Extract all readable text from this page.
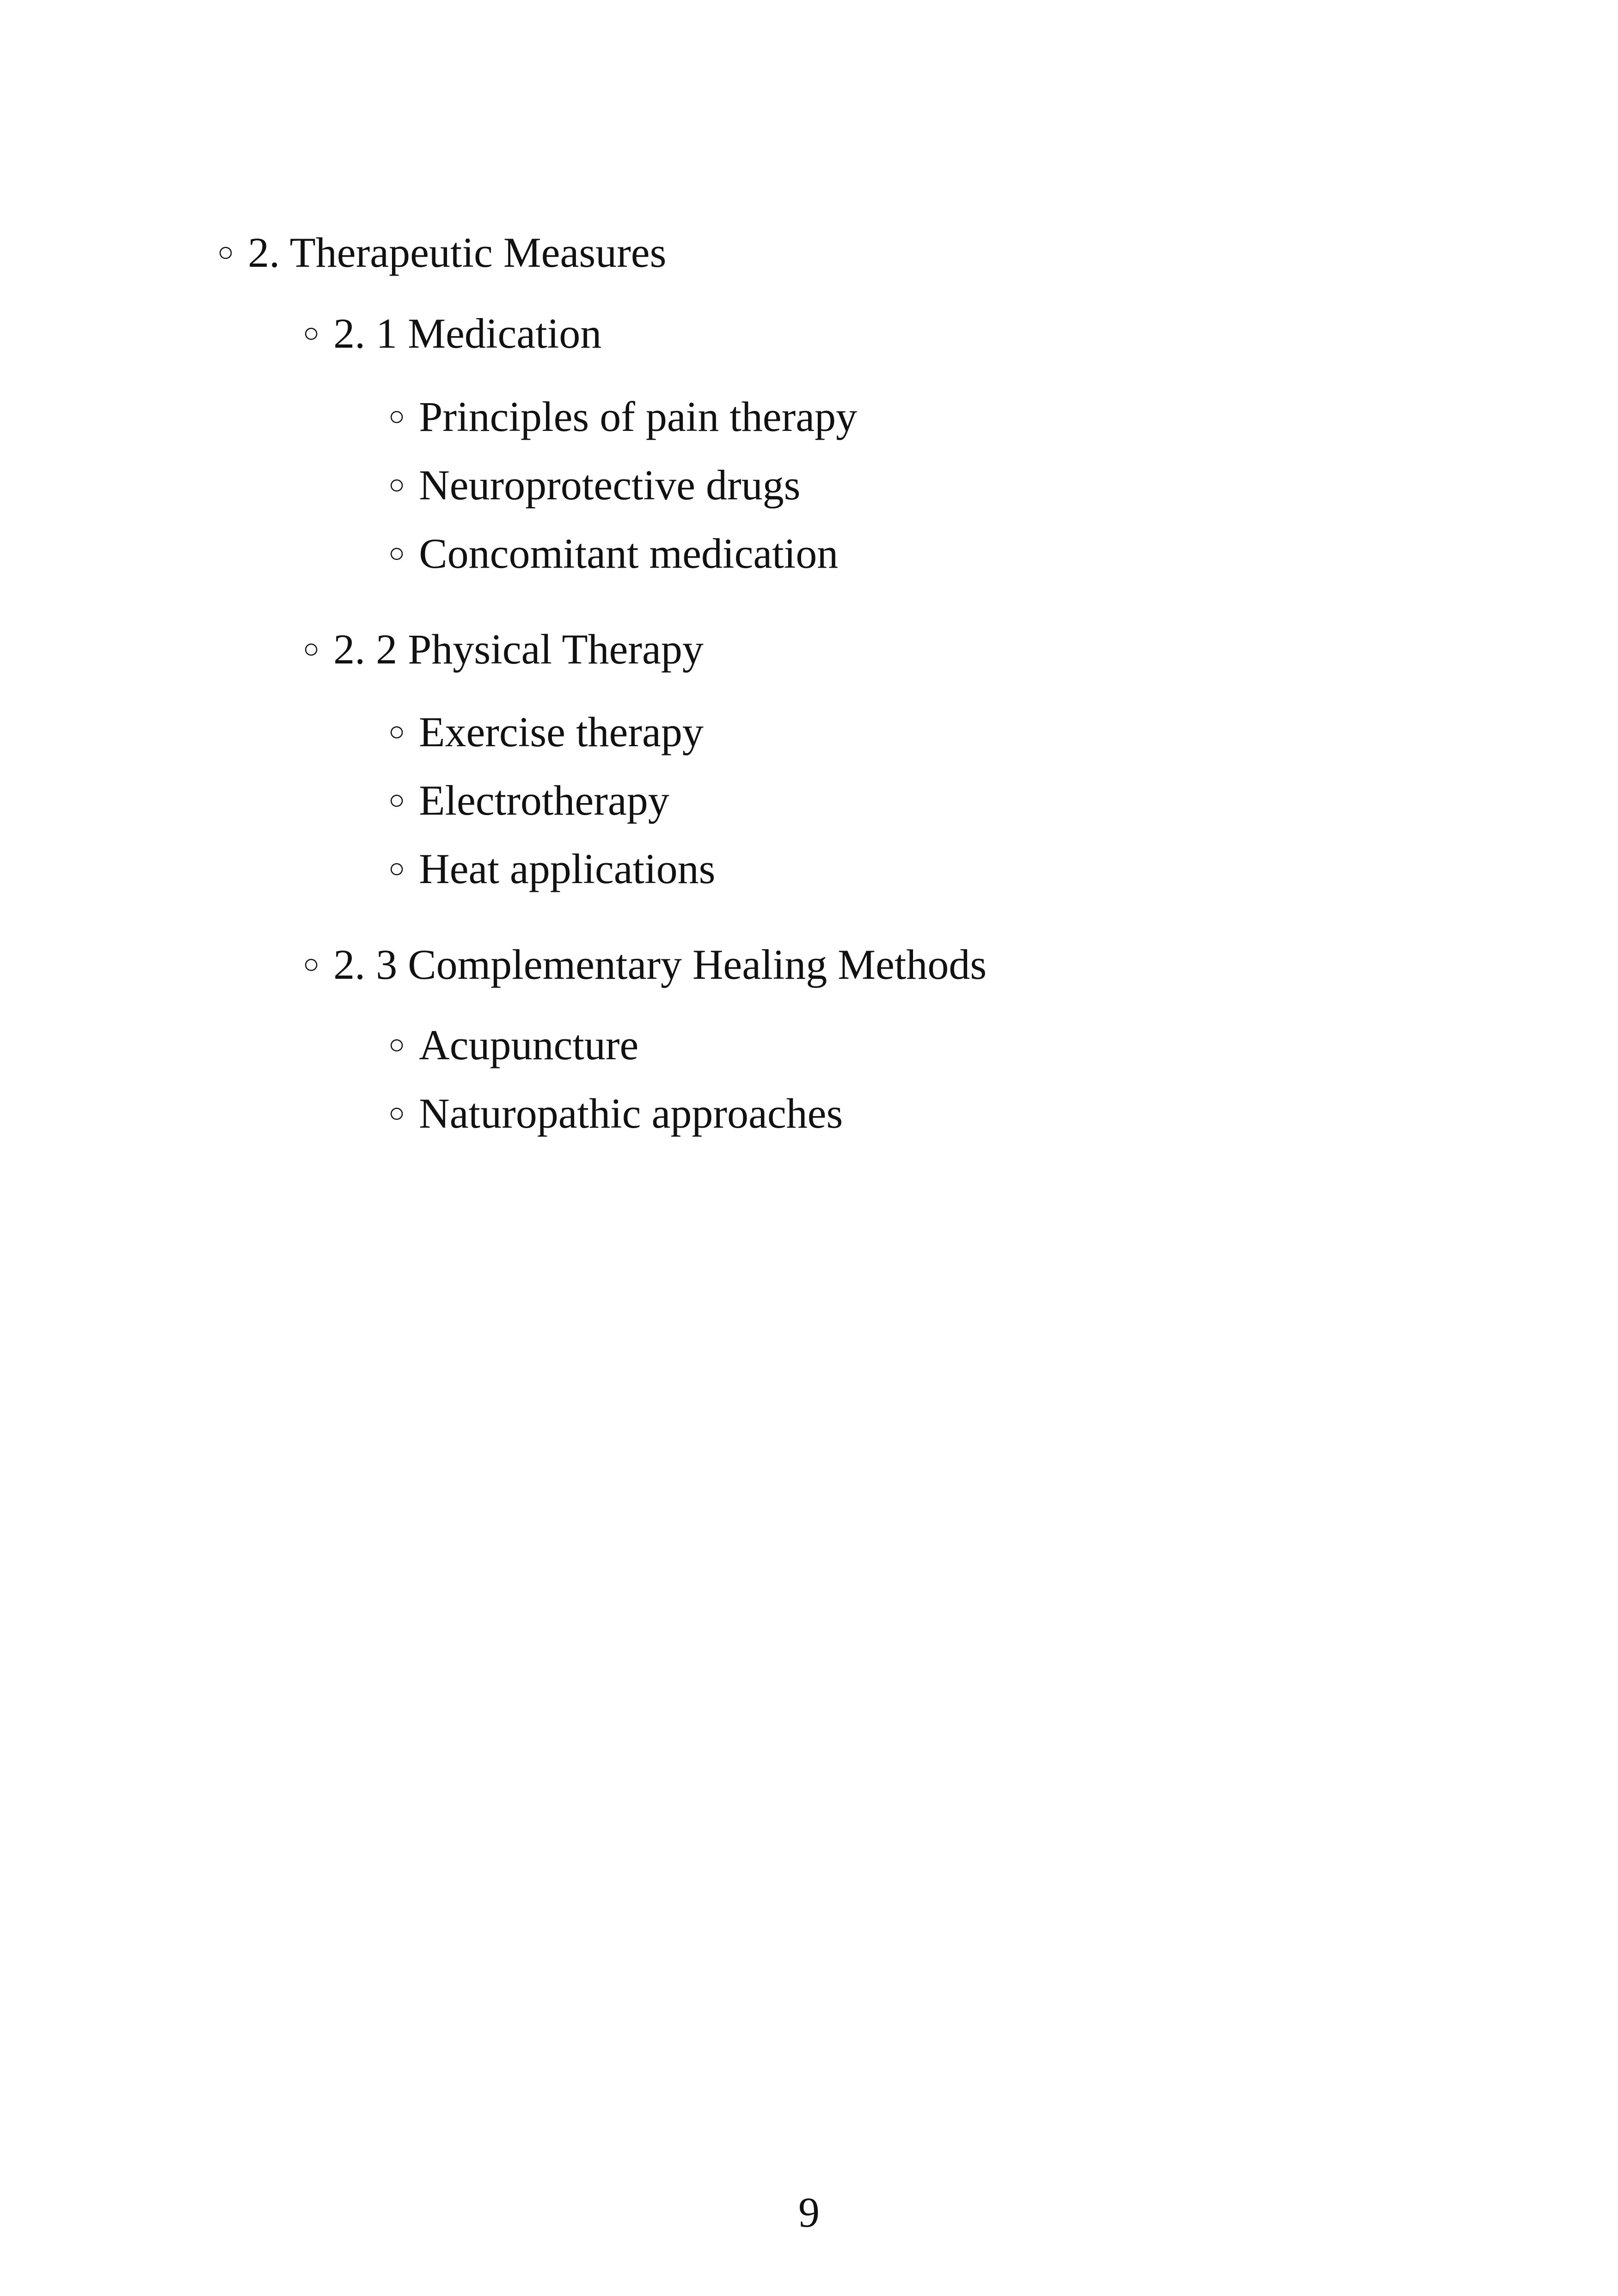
○ 2. Therapeutic Measures
○ 2. 1 Medication
○ Principles of pain therapy
○ Neuroprotective drugs
○ Concomitant medication
○ 2. 2 Physical Therapy
○ Exercise therapy
○ Electrotherapy
○ Heat applications
○ 2. 3 Complementary Healing Methods
○ Acupuncture
○ Naturopathic approaches
9
